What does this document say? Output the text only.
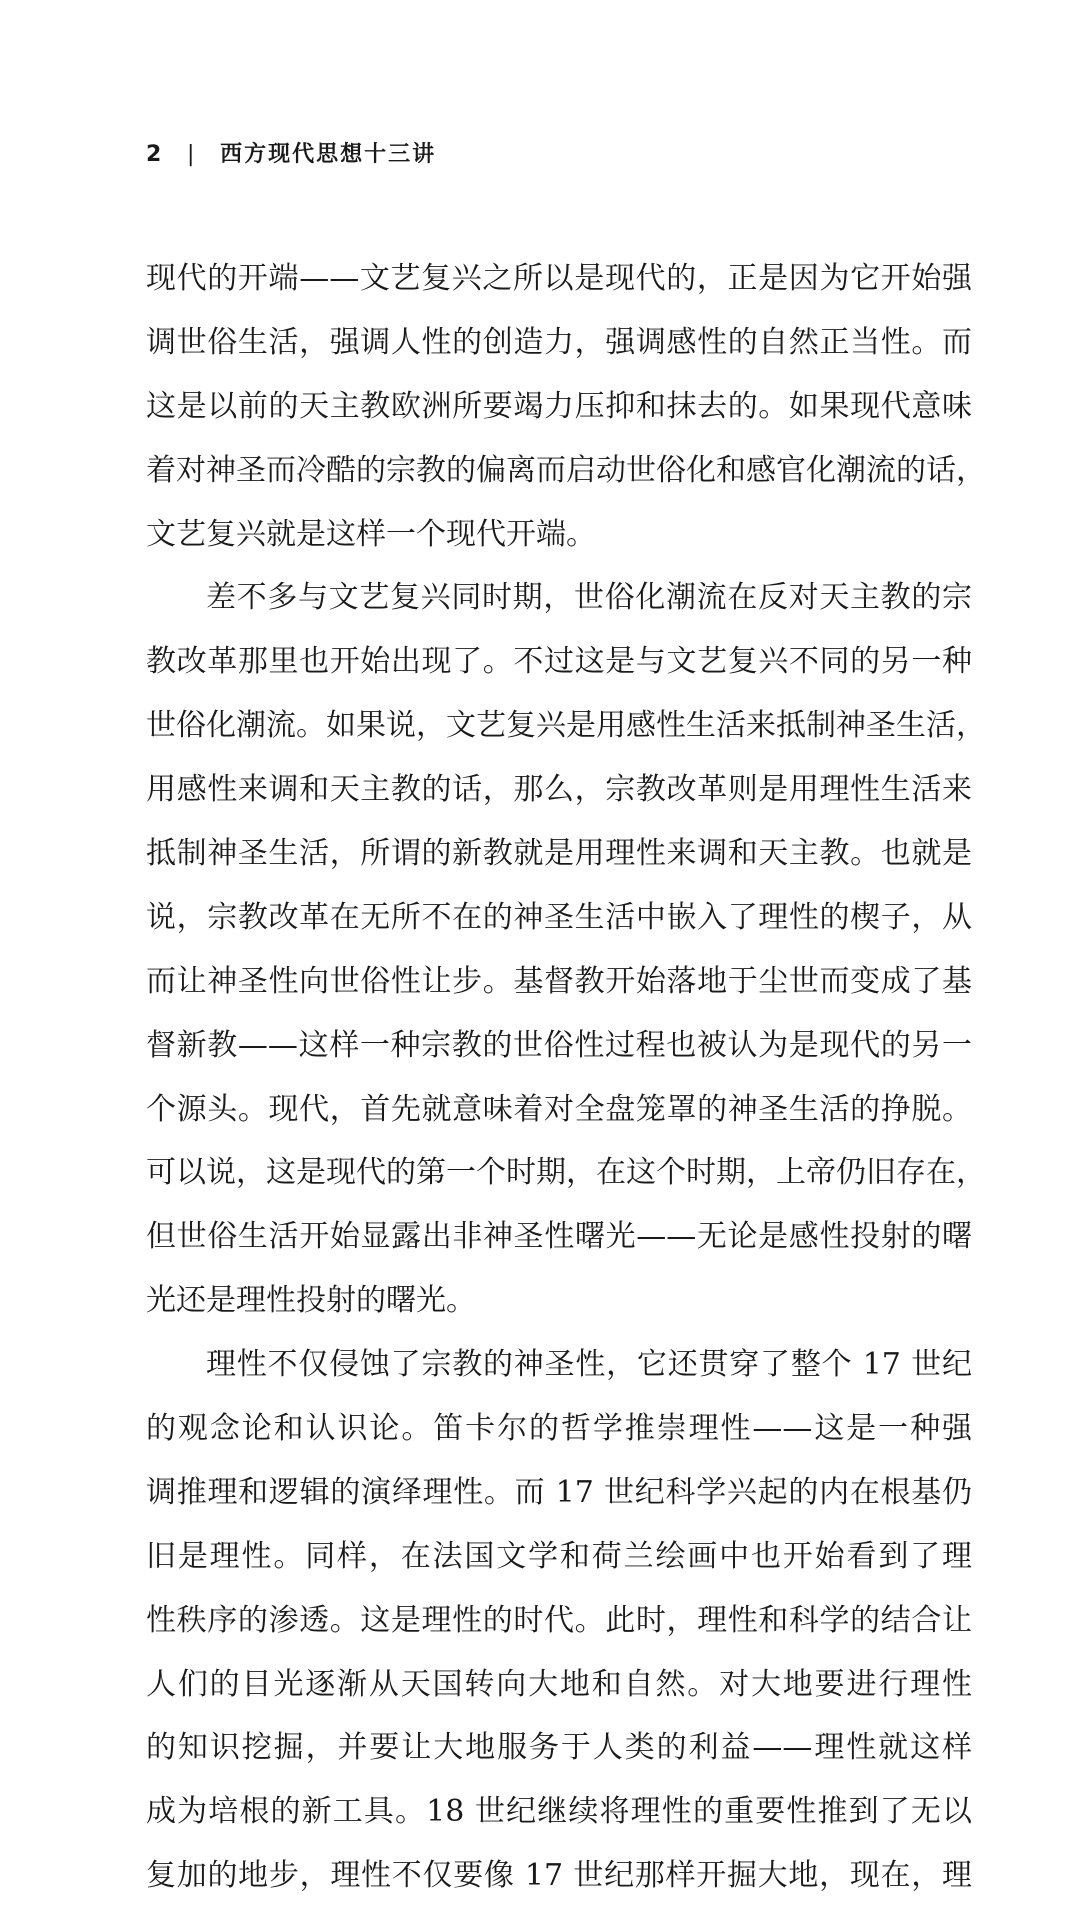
2 | 西方现代思想十三讲
现代的开端——文艺复兴之所以是现代的，正是因为它开始强
调世俗生活，强调人性的创造力，强调感性的自然正当性。而
这是以前的天主教欧洲所要竭力压抑和抹去的。如果现代意味
着对神圣而冷酷的宗教的偏离而启动世俗化和感官化潮流的话，
文艺复兴就是这样一个现代开端。
差不多与文艺复兴同时期，世俗化潮流在反对天主教的宗
教改革那里也开始出现了。不过这是与文艺复兴不同的另一种
世俗化潮流。如果说，文艺复兴是用感性生活来抵制神圣生活，
用感性来调和天主教的话，那么，宗教改革则是用理性生活来
抵制神圣生活，所谓的新教就是用理性来调和天主教。也就是
说，宗教改革在无所不在的神圣生活中嵌入了理性的楔子，从
而让神圣性向世俗性让步。基督教开始落地于尘世而变成了基
督新教——这样一种宗教的世俗性过程也被认为是现代的另一
个源头。现代，首先就意味着对全盘笼罩的神圣生活的挣脱。
可以说，这是现代的第一个时期，在这个时期，上帝仍旧存在，
但世俗生活开始显露出非神圣性曙光——无论是感性投射的曙
光还是理性投射的曙光。
理性不仅侵蚀了宗教的神圣性，它还贯穿了整个 17 世纪
的观念论和认识论。笛卡尔的哲学推崇理性——这是一种强
调推理和逻辑的演绎理性。而 17 世纪科学兴起的内在根基仍
旧是理性。同样，在法国文学和荷兰绘画中也开始看到了理
性秩序的渗透。这是理性的时代。此时，理性和科学的结合让
人们的目光逐渐从天国转向大地和自然。对大地要进行理性
的知识挖掘，并要让大地服务于人类的利益——理性就这样
成为培根的新工具。18 世纪继续将理性的重要性推到了无以
复加的地步，理性不仅要像 17 世纪那样开掘大地，现在，理
